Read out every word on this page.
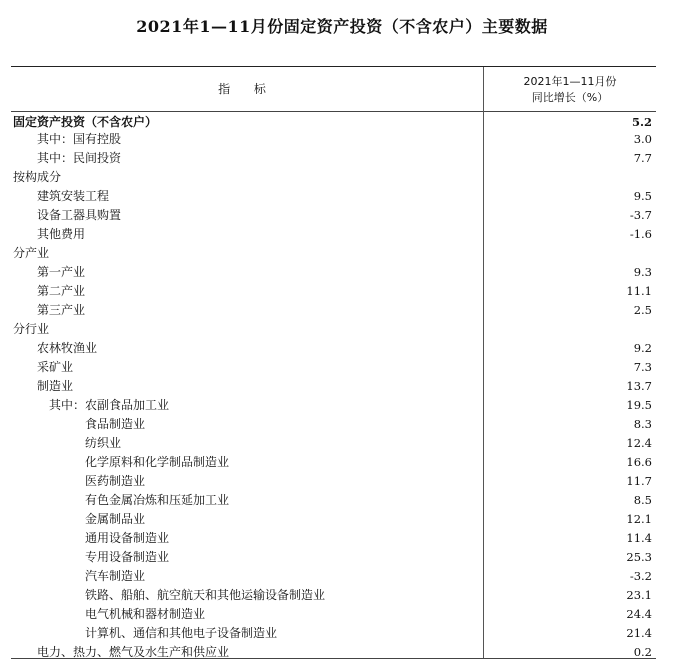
2021年1—11月份固定资产投资（不含农户）主要数据
指 标
2021年1—11月份
同比增长（%）
固定资产投资（不含农户）	5.2
其中：国有控股	3.0
其中：民间投资	7.7
按构成分
建筑安装工程	9.5
设备工器具购置	-3.7
其他费用	-1.6
分产业
第一产业	9.3
第二产业	11.1
第三产业	2.5
分行业
农林牧渔业	9.2
采矿业	7.3
制造业	13.7
其中：农副食品加工业	19.5
食品制造业	8.3
纺织业	12.4
化学原料和化学制品制造业	16.6
医药制造业	11.7
有色金属冶炼和压延加工业	8.5
金属制品业	12.1
通用设备制造业	11.4
专用设备制造业	25.3
汽车制造业	-3.2
铁路、船舶、航空航天和其他运输设备制造业	23.1
电气机械和器材制造业	24.4
计算机、通信和其他电子设备制造业	21.4
电力、热力、燃气及水生产和供应业	0.2
